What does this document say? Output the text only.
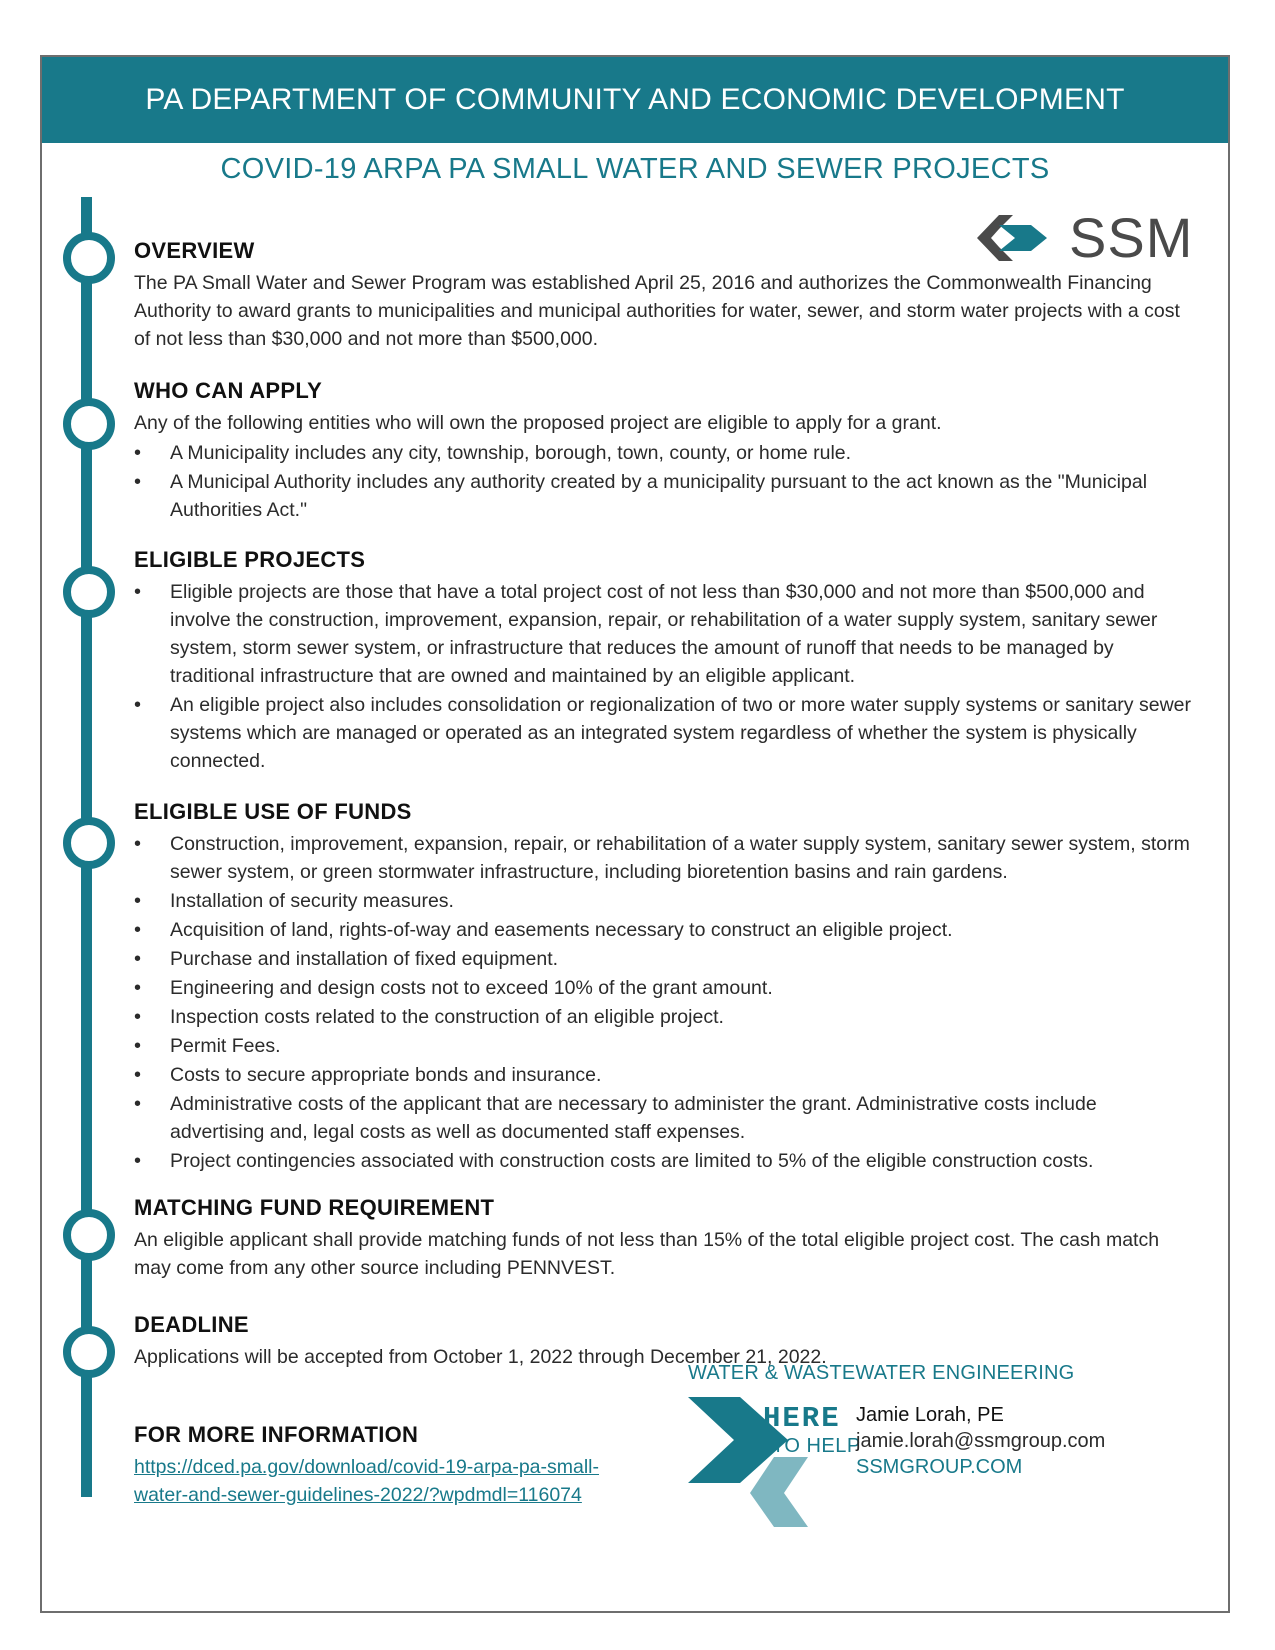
PA DEPARTMENT OF COMMUNITY AND ECONOMIC DEVELOPMENT
COVID-19 ARPA PA SMALL WATER AND SEWER PROJECTS
SSM
OVERVIEW

The PA Small Water and Sewer Program was established April 25, 2016 and authorizes the Commonwealth Financing Authority to award grants to municipalities and municipal authorities for water, sewer, and storm water projects with a cost of not less than $30,000 and not more than $500,000.

WHO CAN APPLY

Any of the following entities who will own the proposed project are eligible to apply for a grant.

• A Municipality includes any city, township, borough, town, county, or home rule.
• A Municipal Authority includes any authority created by a municipality pursuant to the act known as the "Municipal Authorities Act."
ELIGIBLE PROJECTS
• Eligible projects are those that have a total project cost of not less than $30,000 and not more than $500,000 and involve the construction, improvement, expansion, repair, or rehabilitation of a water supply system, sanitary sewer system, storm sewer system, or infrastructure that reduces the amount of runoff that needs to be managed by traditional infrastructure that are owned and maintained by an eligible applicant.
• An eligible project also includes consolidation or regionalization of two or more water supply systems or sanitary sewer systems which are managed or operated as an integrated system regardless of whether the system is physically connected.
ELIGIBLE USE OF FUNDS
• Construction, improvement, expansion, repair, or rehabilitation of a water supply system, sanitary sewer system, storm sewer system, or green stormwater infrastructure, including bioretention basins and rain gardens.
• Installation of security measures.
• Acquisition of land, rights-of-way and easements necessary to construct an eligible project.
• Purchase and installation of fixed equipment.
• Engineering and design costs not to exceed 10% of the grant amount.
• Inspection costs related to the construction of an eligible project.
• Permit Fees.
• Costs to secure appropriate bonds and insurance.
• Administrative costs of the applicant that are necessary to administer the grant. Administrative costs include advertising and, legal costs as well as documented staff expenses.
• Project contingencies associated with construction costs are limited to 5% of the eligible construction costs.
MATCHING FUND REQUIREMENT

An eligible applicant shall provide matching funds of not less than 15% of the total eligible project cost. The cash match may come from any other source including PENNVEST.

DEADLINE

Applications will be accepted from October 1, 2022 through December 21, 2022.

FOR MORE INFORMATION
https://dced.pa.gov/download/covid-19-arpa-pa-small-
water-and-sewer-guidelines-2022/?wpdmdl=116074
WATER & WASTEWATER ENGINEERING
HERE
TO HELP
Jamie Lorah, PE
jamie.lorah@ssmgroup.com
SSMGROUP.COM
